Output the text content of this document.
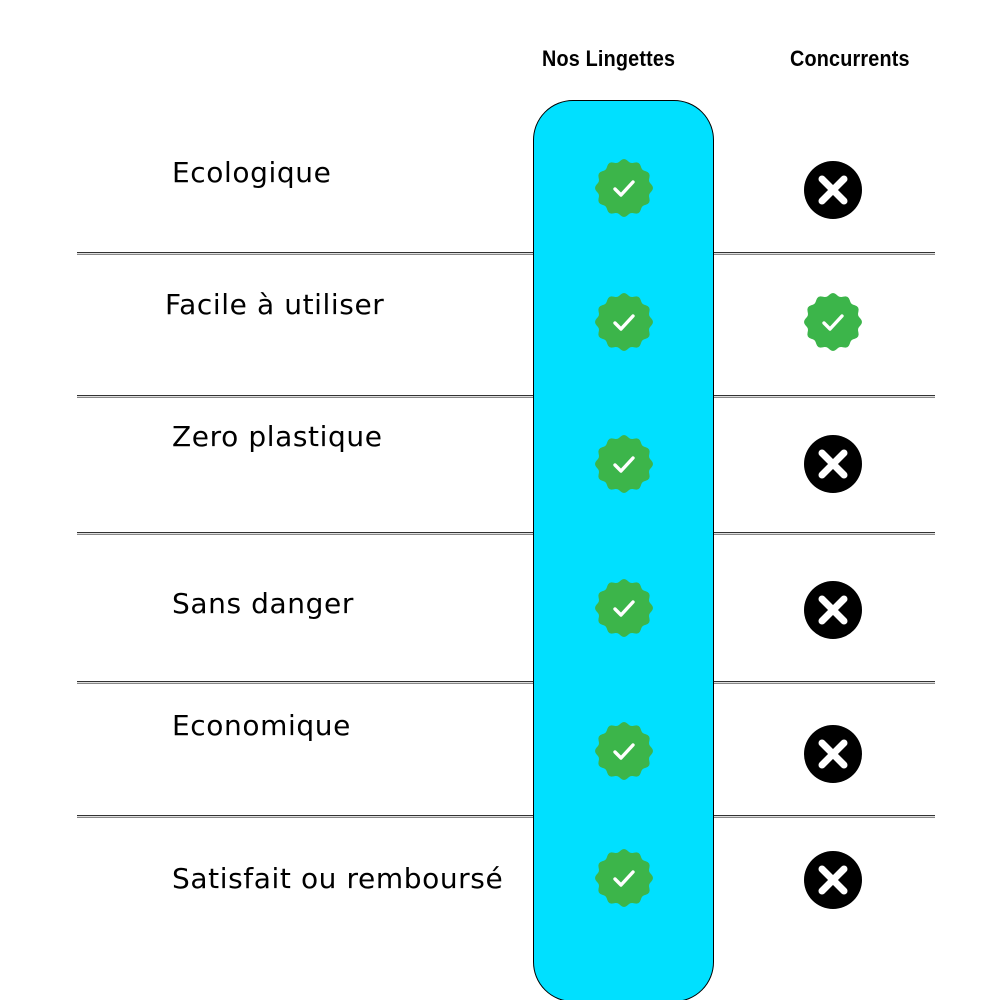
Nos Lingettes	Concurrents
Ecologique
Facile à utiliser
Zero plastique
Sans danger
Economique
Satisfait ou remboursé
